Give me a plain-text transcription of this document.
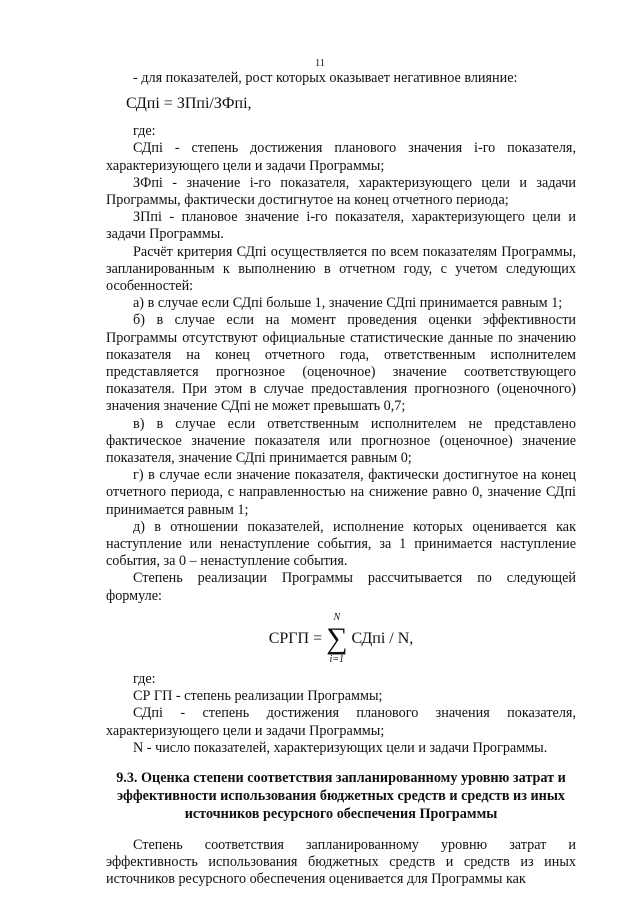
11

- для показателей, рост которых оказывает негативное влияние:

СДпi = ЗПпi/ЗФпi,

где:

СДпi - степень достижения планового значения i-го показателя, характеризующего цели и задачи Программы;

ЗФпi - значение i-го показателя, характеризующего цели и задачи Программы, фактически достигнутое на конец отчетного периода;

ЗПпi - плановое значение i-го показателя, характеризующего цели и задачи Программы.

Расчёт критерия СДпi осуществляется по всем показателям Программы, запланированным к выполнению в отчетном году, с учетом следующих особенностей:

а) в случае если СДпi больше 1, значение СДпi принимается равным 1;

б) в случае если на момент проведения оценки эффективности Программы отсутствуют официальные статистические данные по значению показателя на конец отчетного года, ответственным исполнителем представляется прогнозное (оценочное) значение соответствующего показателя. При этом в случае предоставления прогнозного (оценочного) значения значение СДпi не может превышать 0,7;

в) в случае если ответственным исполнителем не представлено фактическое значение показателя или прогнозное (оценочное) значение показателя, значение СДпi принимается равным 0;

г) в случае если значение показателя, фактически достигнутое на конец отчетного периода, с направленностью на снижение равно 0, значение СДпi принимается равным 1;

д) в отношении показателей, исполнение которых оценивается как наступление или ненаступление события, за 1 принимается наступление события, за 0 – ненаступление события.

Степень реализации Программы рассчитывается по следующей формуле:

СРГП =
N
∑
i=1
СДпi / N,

где:

СР ГП - степень реализации Программы;

СДпi - степень достижения планового значения показателя, характеризующего цели и задачи Программы;

N - число показателей, характеризующих цели и задачи Программы.

9.3. Оценка степени соответствия запланированному уровню затрат и эффективности использования бюджетных средств и средств из иных источников ресурсного обеспечения Программы

Степень соответствия запланированному уровню затрат и эффективность использования бюджетных средств и средств из иных источников ресурсного обеспечения оценивается для Программы как
